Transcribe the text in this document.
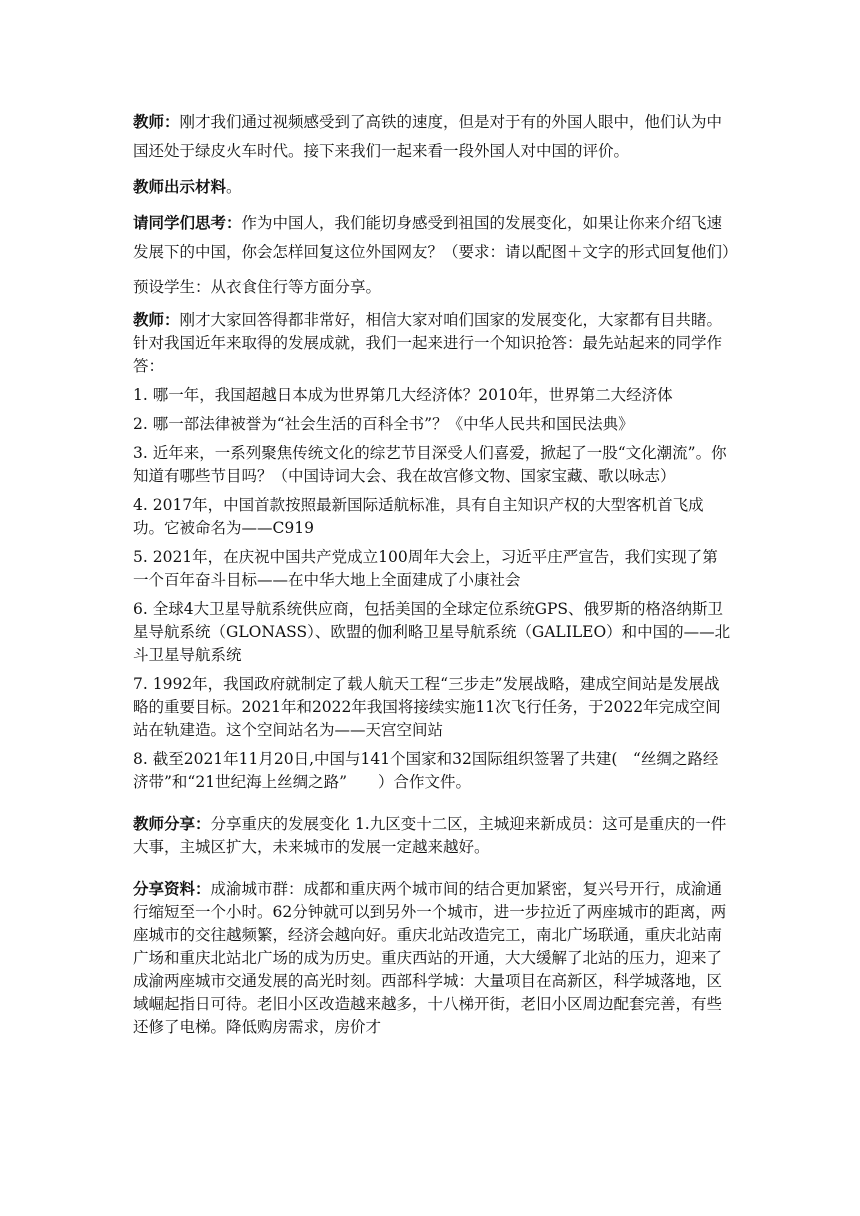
教师：刚才我们通过视频感受到了高铁的速度，但是对于有的外国人眼中，他们认为中国还处于绿皮火车时代。接下来我们一起来看一段外国人对中国的评价。

教师出示材料。

请同学们思考：作为中国人，我们能切身感受到祖国的发展变化，如果让你来介绍飞速发展下的中国，你会怎样回复这位外国网友？（要求：请以配图＋文字的形式回复他们）

预设学生：从衣食住行等方面分享。

教师：刚才大家回答得都非常好，相信大家对咱们国家的发展变化，大家都有目共睹。针对我国近年来取得的发展成就，我们一起来进行一个知识抢答：最先站起来的同学作答：

1. 哪一年，我国超越日本成为世界第几大经济体？2010年，世界第二大经济体

2. 哪一部法律被誉为“社会生活的百科全书”？《中华人民共和国民法典》

3. 近年来，一系列聚焦传统文化的综艺节目深受人们喜爱，掀起了一股“文化潮流”。你知道有哪些节目吗？（中国诗词大会、我在故宫修文物、国家宝藏、歌以咏志）

4. 2017年，中国首款按照最新国际适航标准，具有自主知识产权的大型客机首飞成功。它被命名为——C919

5. 2021年，在庆祝中国共产党成立100周年大会上，习近平庄严宣告，我们实现了第一个百年奋斗目标——在中华大地上全面建成了小康社会

6. 全球4大卫星导航系统供应商，包括美国的全球定位系统GPS、俄罗斯的格洛纳斯卫星导航系统（GLONASS）、欧盟的伽利略卫星导航系统（GALILEO）和中国的——北斗卫星导航系统

7. 1992年，我国政府就制定了载人航天工程“三步走”发展战略，建成空间站是发展战略的重要目标。2021年和2022年我国将接续实施11次飞行任务，于2022年完成空间站在轨建造。这个空间站名为——天宫空间站

8. 截至2021年11月20日,中国与141个国家和32国际组织签署了共建(　“丝绸之路经济带”和“21世纪海上丝绸之路”　　）合作文件。

教师分享：分享重庆的发展变化 1.九区变十二区，主城迎来新成员：这可是重庆的一件大事，主城区扩大，未来城市的发展一定越来越好。

分享资料：成渝城市群：成都和重庆两个城市间的结合更加紧密，复兴号开行，成渝通行缩短至一个小时。62分钟就可以到另外一个城市，进一步拉近了两座城市的距离，两座城市的交往越频繁，经济会越向好。重庆北站改造完工，南北广场联通，重庆北站南广场和重庆北站北广场的成为历史。重庆西站的开通，大大缓解了北站的压力，迎来了成渝两座城市交通发展的高光时刻。西部科学城：大量项目在高新区，科学城落地，区域崛起指日可待。老旧小区改造越来越多，十八梯开街，老旧小区周边配套完善，有些还修了电梯。降低购房需求，房价才
